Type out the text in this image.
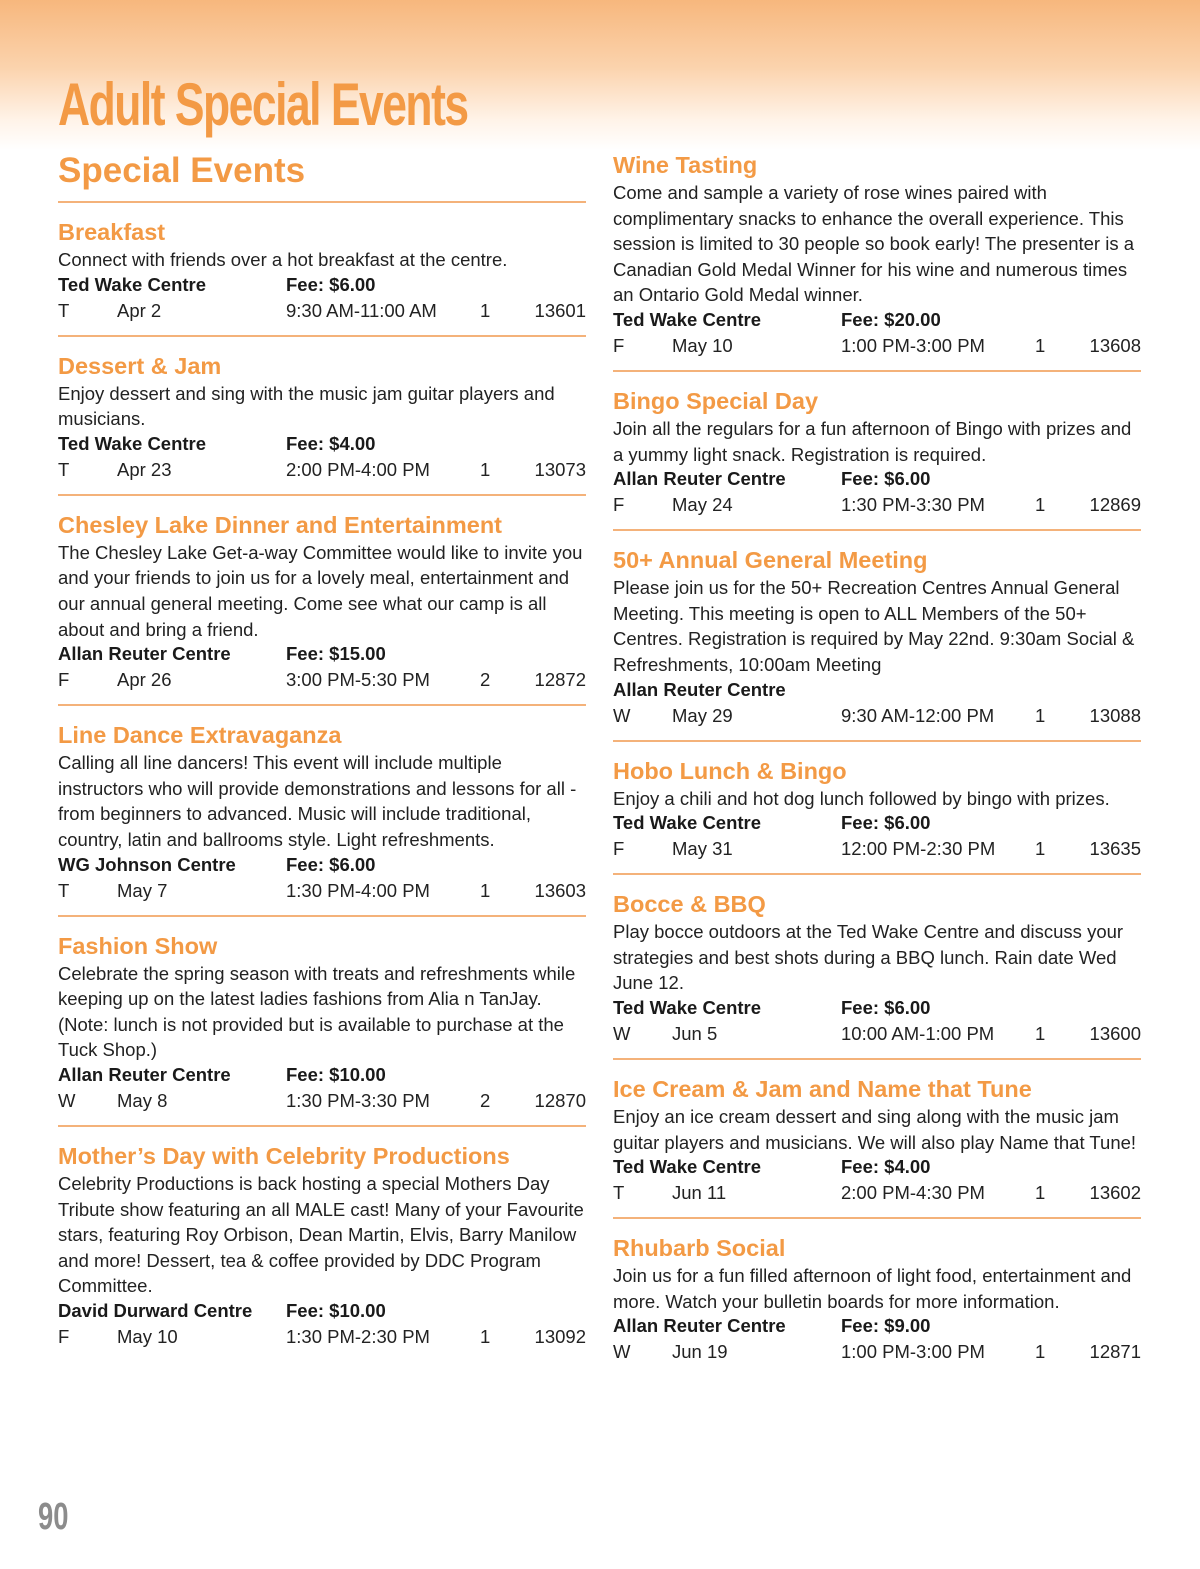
Adult Special Events
Special Events
Breakfast

Connect with friends over a hot breakfast at the centre.

Ted Wake Centre	Fee: $6.00
T	Apr 2	9:30 AM-11:00 AM	1	13601
Dessert & Jam

Enjoy dessert and sing with the music jam guitar players and musicians.

Ted Wake Centre	Fee: $4.00
T	Apr 23	2:00 PM-4:00 PM	1	13073
Chesley Lake Dinner and Entertainment

The Chesley Lake Get-a-way Committee would like to invite you and your friends to join us for a lovely meal, entertainment and our annual general meeting. Come see what our camp is all about and bring a friend.

Allan Reuter Centre	Fee: $15.00
F	Apr 26	3:00 PM-5:30 PM	2	12872
Line Dance Extravaganza

Calling all line dancers! This event will include multiple instructors who will provide demonstrations and lessons for all - from beginners to advanced. Music will include traditional, country, latin and ballrooms style. Light refreshments.

WG Johnson Centre	Fee: $6.00
T	May 7	1:30 PM-4:00 PM	1	13603
Fashion Show

Celebrate the spring season with treats and refreshments while keeping up on the latest ladies fashions from Alia n TanJay. (Note: lunch is not provided but is available to purchase at the Tuck Shop.)

Allan Reuter Centre	Fee: $10.00
W	May 8	1:30 PM-3:30 PM	2	12870
Mother’s Day with Celebrity Productions

Celebrity Productions is back hosting a special Mothers Day Tribute show featuring an all MALE cast! Many of your Favourite stars, featuring Roy Orbison, Dean Martin, Elvis, Barry Manilow and more! Dessert, tea & coffee provided by DDC Program Committee.

David Durward Centre	Fee: $10.00
F	May 10	1:30 PM-2:30 PM	1	13092
Wine Tasting

Come and sample a variety of rose wines paired with complimentary snacks to enhance the overall experience. This session is limited to 30 people so book early! The presenter is a Canadian Gold Medal Winner for his wine and numerous times an Ontario Gold Medal winner.

Ted Wake Centre	Fee: $20.00
F	May 10	1:00 PM-3:00 PM	1	13608
Bingo Special Day

Join all the regulars for a fun afternoon of Bingo with prizes and a yummy light snack. Registration is required.

Allan Reuter Centre	Fee: $6.00
F	May 24	1:30 PM-3:30 PM	1	12869
50+ Annual General Meeting

Please join us for the 50+ Recreation Centres Annual General Meeting. This meeting is open to ALL Members of the 50+ Centres. Registration is required by May 22nd. 9:30am Social & Refreshments, 10:00am Meeting

Allan Reuter Centre
W	May 29	9:30 AM-12:00 PM	1	13088
Hobo Lunch & Bingo

Enjoy a chili and hot dog lunch followed by bingo with prizes.

Ted Wake Centre	Fee: $6.00
F	May 31	12:00 PM-2:30 PM	1	13635
Bocce & BBQ

Play bocce outdoors at the Ted Wake Centre and discuss your strategies and best shots during a BBQ lunch. Rain date Wed June 12.

Ted Wake Centre	Fee: $6.00
W	Jun 5	10:00 AM-1:00 PM	1	13600
Ice Cream & Jam and Name that Tune

Enjoy an ice cream dessert and sing along with the music jam guitar players and musicians. We will also play Name that Tune!

Ted Wake Centre	Fee: $4.00
T	Jun 11	2:00 PM-4:30 PM	1	13602
Rhubarb Social

Join us for a fun filled afternoon of light food, entertainment and more. Watch your bulletin boards for more information.

Allan Reuter Centre	Fee: $9.00
W	Jun 19	1:00 PM-3:00 PM	1	12871
90
